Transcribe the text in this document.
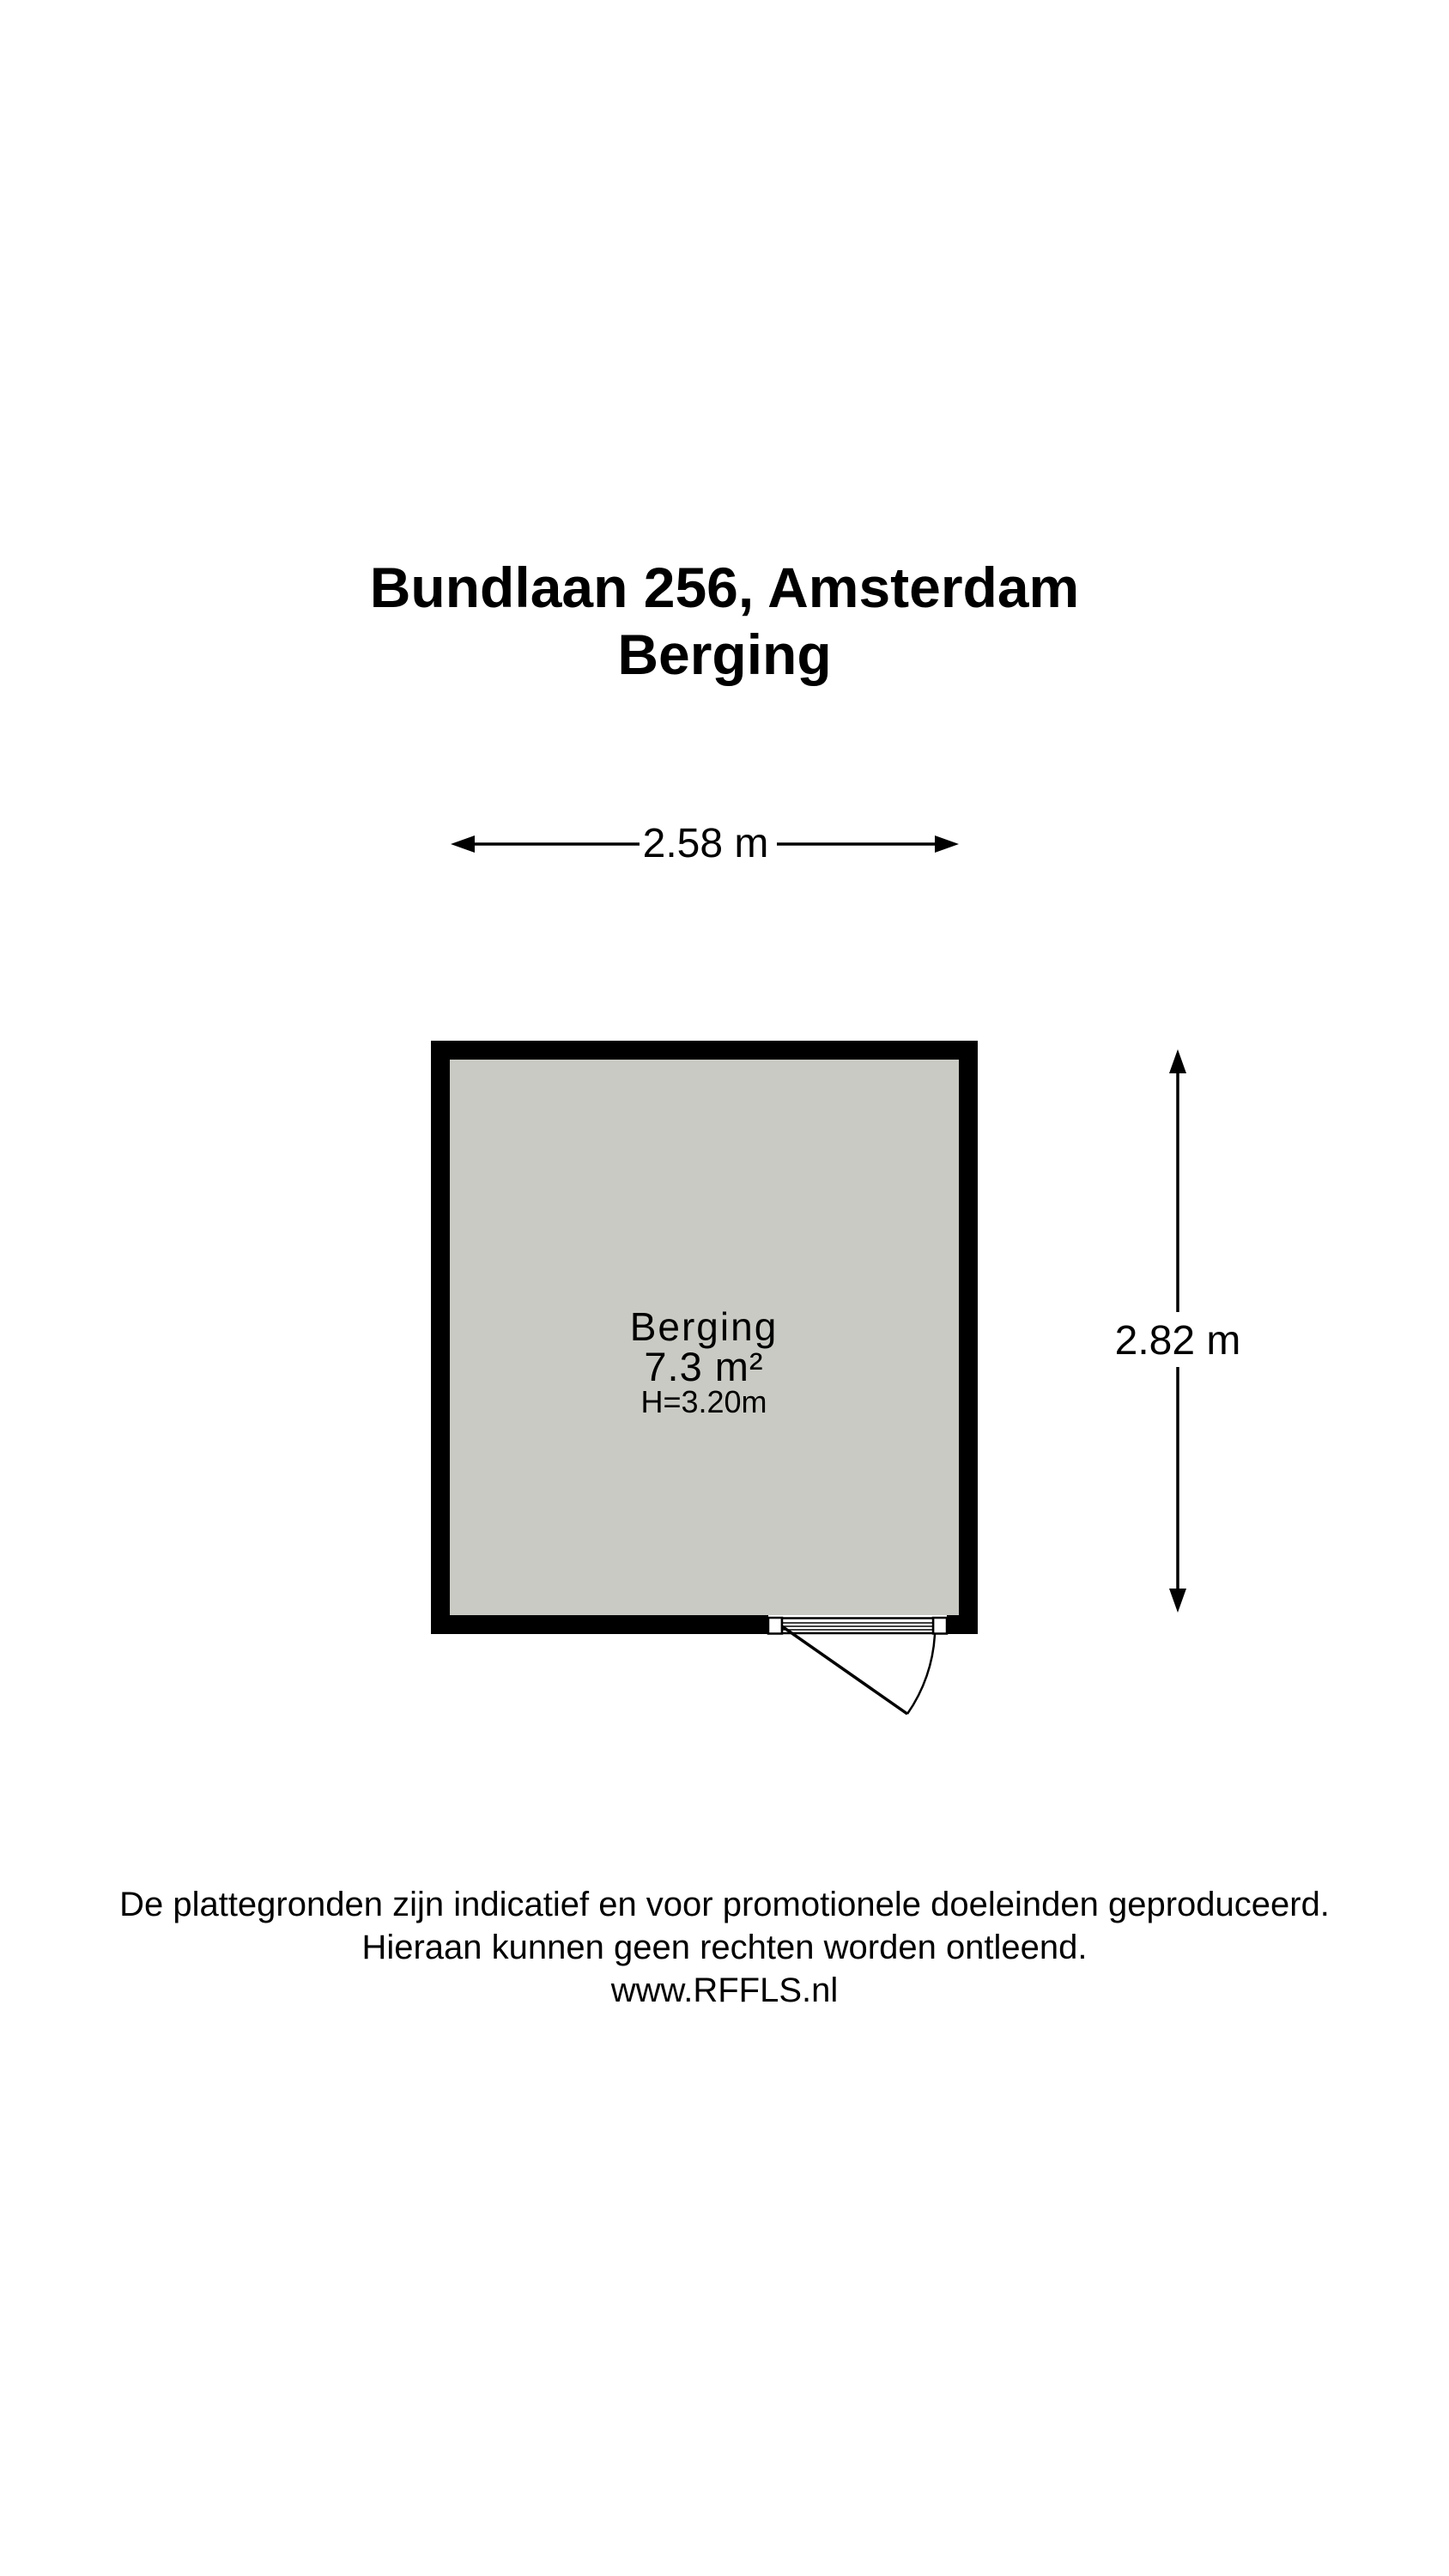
Bundlaan 256, Amsterdam
Berging
2.58 m
2.82 m
Berging
7.3 m²
H=3.20m
De plattegronden zijn indicatief en voor promotionele doeleinden geproduceerd.
Hieraan kunnen geen rechten worden ontleend.
www.RFFLS.nl
